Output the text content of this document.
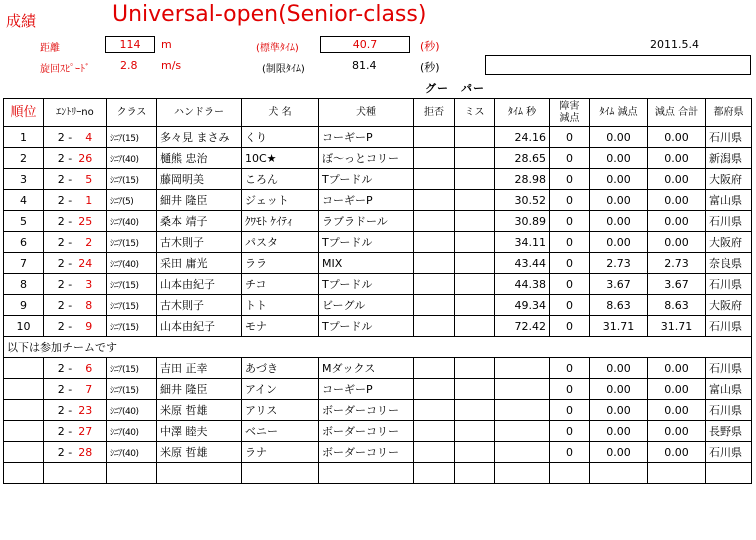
成績	Universal-open(Senior-class)
距離	114	m
旋回ｽﾋﾟｰﾄﾞ	2.8 m/s
(標準ﾀｲﾑ)	40.7	(秒)
(制限ﾀｲﾑ)	81.4	(秒)
2011.5.4
グー　パー
順位	ｴﾝﾄﾘｰno	クラス	ハンドラー	犬 名	犬種	拒否	ミス	ﾀｲﾑ 秒	障害
減点	ﾀｲﾑ 減点	減点 合計	都府県
1	2 - 4	ｼﾆｱ(15)	多々見 まさみ	くり	コーギーP			24.16	0	0.00	0.00	石川県
2	2 - 26	ｼﾆｱ(40)	樋熊 忠治	10C★	ぼ～っとコリー			28.65	0	0.00	0.00	新潟県
3	2 - 5	ｼﾆｱ(15)	藤岡明美	ころん	Tプードル			28.98	0	0.00	0.00	大阪府
4	2 - 1	ｼﾆｱ(5)	細井 隆臣	ジェット	コーギーP			30.52	0	0.00	0.00	富山県
5	2 - 25	ｼﾆｱ(40)	桑本 靖子	ｸﾜﾓﾄ ｹｲﾃｨ	ラブラドール			30.89	0	0.00	0.00	石川県
6	2 - 2	ｼﾆｱ(15)	古木則子	パスタ	Tプードル			34.11	0	0.00	0.00	大阪府
7	2 - 24	ｼﾆｱ(40)	采田 庸光	ララ	MIX			43.44	0	2.73	2.73	奈良県
8	2 - 3	ｼﾆｱ(15)	山本由紀子	チコ	Tプードル			44.38	0	3.67	3.67	石川県
9	2 - 8	ｼﾆｱ(15)	古木則子	トト	ビーグル			49.34	0	8.63	8.63	大阪府
10	2 - 9	ｼﾆｱ(15)	山本由紀子	モナ	Tプードル			72.42	0	31.71	31.71	石川県
以下は参加チームです												
	2 - 6	ｼﾆｱ(15)	吉田 正幸	あづき	Mダックス				0	0.00	0.00	石川県
	2 - 7	ｼﾆｱ(15)	細井 隆臣	アイン	コーギーP				0	0.00	0.00	富山県
	2 - 23	ｼﾆｱ(40)	米原 哲雄	アリス	ボーダーコリー				0	0.00	0.00	石川県
	2 - 27	ｼﾆｱ(40)	中澤 睦夫	ベニー	ボーダーコリー				0	0.00	0.00	長野県
	2 - 28	ｼﾆｱ(40)	米原 哲雄	ラナ	ボーダーコリー				0	0.00	0.00	石川県
